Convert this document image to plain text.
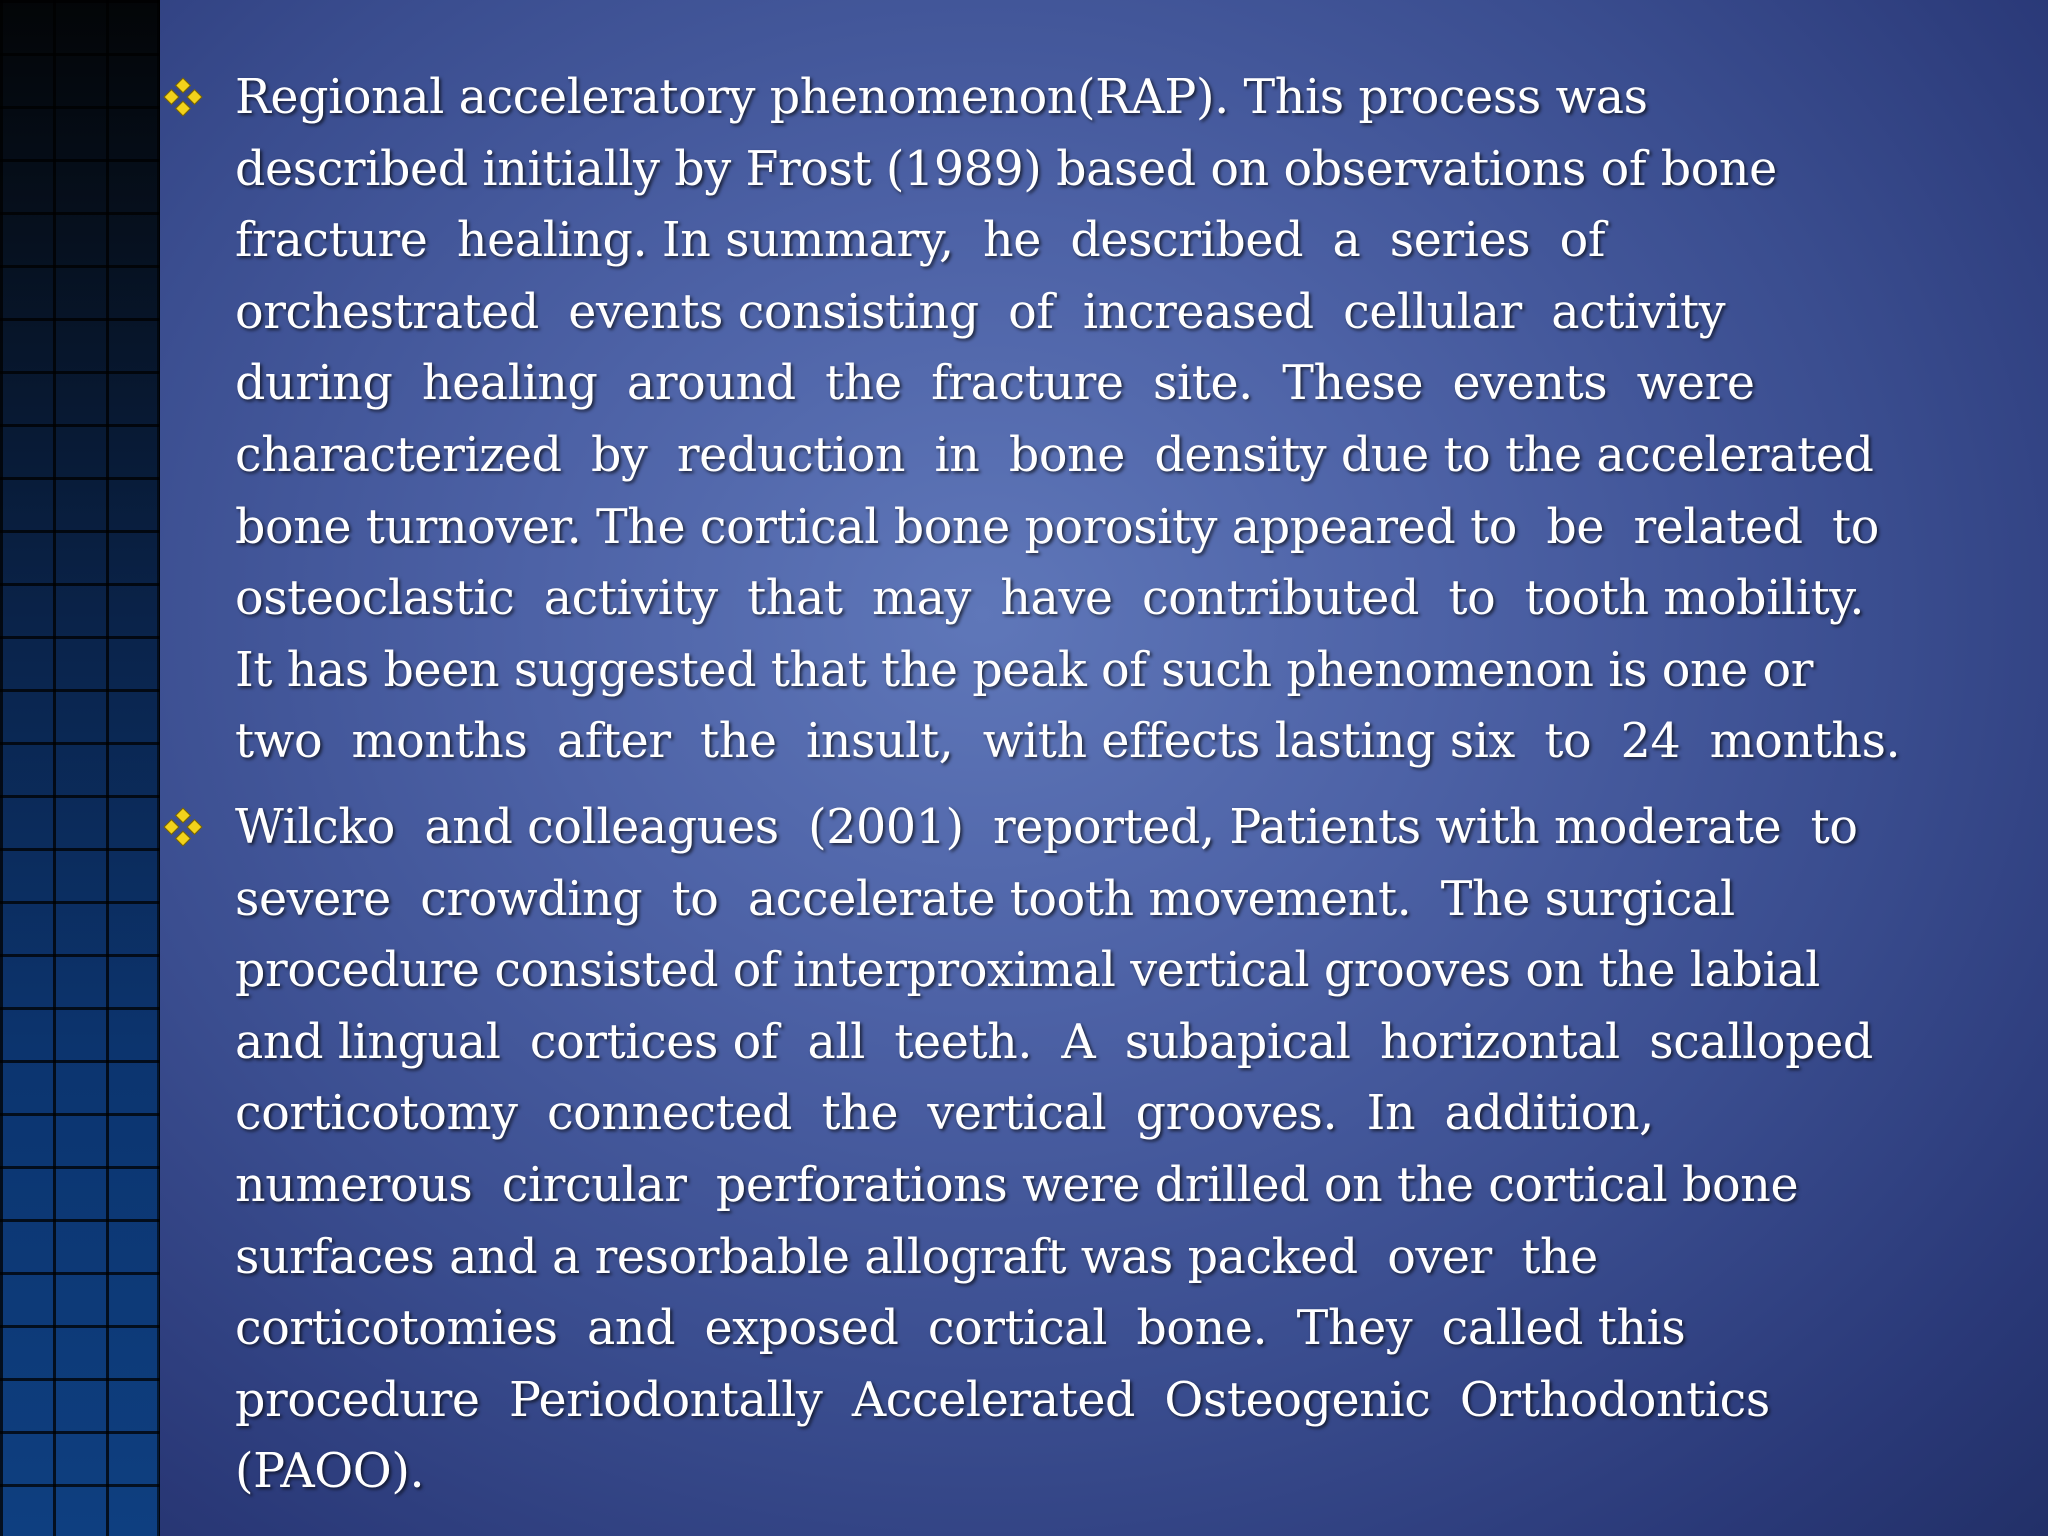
Regional acceleratory phenomenon(RAP). This process was
described initially by Frost (1989) based on observations of bone
fracture  healing. In summary,  he  described  a  series  of
orchestrated  events consisting  of  increased  cellular  activity
during  healing  around  the  fracture  site.  These  events  were
characterized  by  reduction  in  bone  density due to the accelerated
bone turnover. The cortical bone porosity appeared to  be  related  to
osteoclastic  activity  that  may  have  contributed  to  tooth mobility.
It has been suggested that the peak of such phenomenon is one or
two  months  after  the  insult,  with effects lasting six  to  24  months.
Wilcko  and colleagues  (2001)  reported, Patients with moderate  to
severe  crowding  to  accelerate tooth movement.  The surgical
procedure consisted of interproximal vertical grooves on the labial
and lingual  cortices of  all  teeth.  A  subapical  horizontal  scalloped
corticotomy  connected  the  vertical  grooves.  In  addition,
numerous  circular  perforations were drilled on the cortical bone
surfaces and a resorbable allograft was packed  over  the
corticotomies  and  exposed  cortical  bone.  They  called this
procedure  Periodontally  Accelerated  Osteogenic  Orthodontics
(PAOO).
